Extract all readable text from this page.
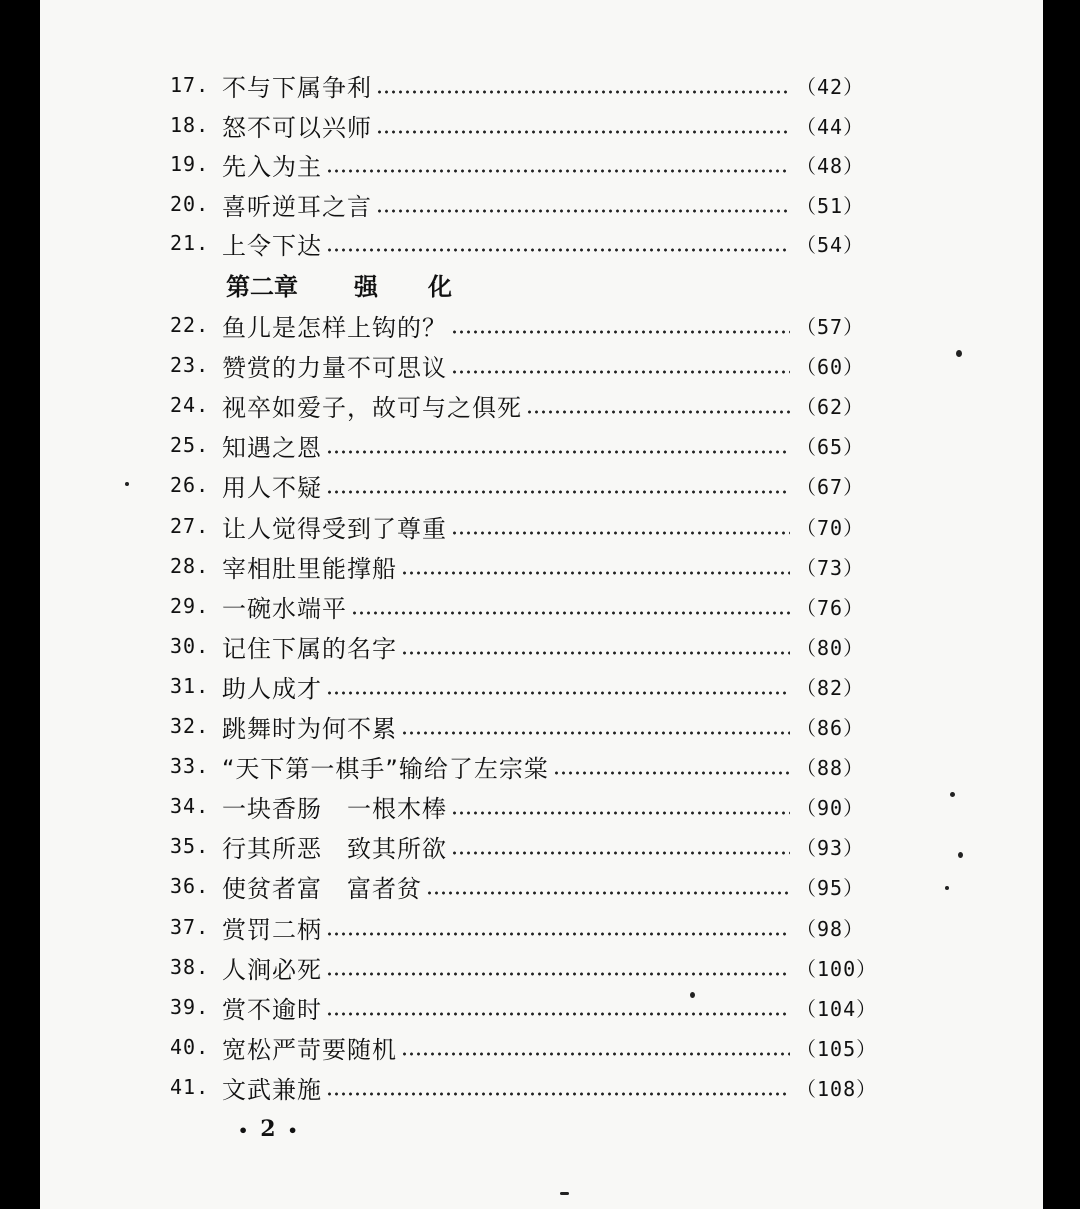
17. 不与下属争利	（42）
18. 怒不可以兴师	（44）
19. 先入为主	（48）
20. 喜听逆耳之言	（51）
21. 上令下达	（54）
22. 鱼儿是怎样上钩的？	（57）
23. 赞赏的力量不可思议	（60）
24. 视卒如爱子，故可与之俱死	（62）
25. 知遇之恩	（65）
26. 用人不疑	（67）
27. 让人觉得受到了尊重	（70）
28. 宰相肚里能撑船	（73）
29. 一碗水端平	（76）
30. 记住下属的名字	（80）
31. 助人成才	（82）
32. 跳舞时为何不累	（86）
33. “天下第一棋手”输给了左宗棠	（88）
34. 一块香肠　一根木棒	（90）
35. 行其所恶　致其所欲	（93）
36. 使贫者富　富者贫	（95）
37. 赏罚二柄	（98）
38. 人涧必死	（100）
39. 赏不逾时	（104）
40. 宽松严苛要随机	（105）
41. 文武兼施	（108）
第二章 强化
• 2 •
